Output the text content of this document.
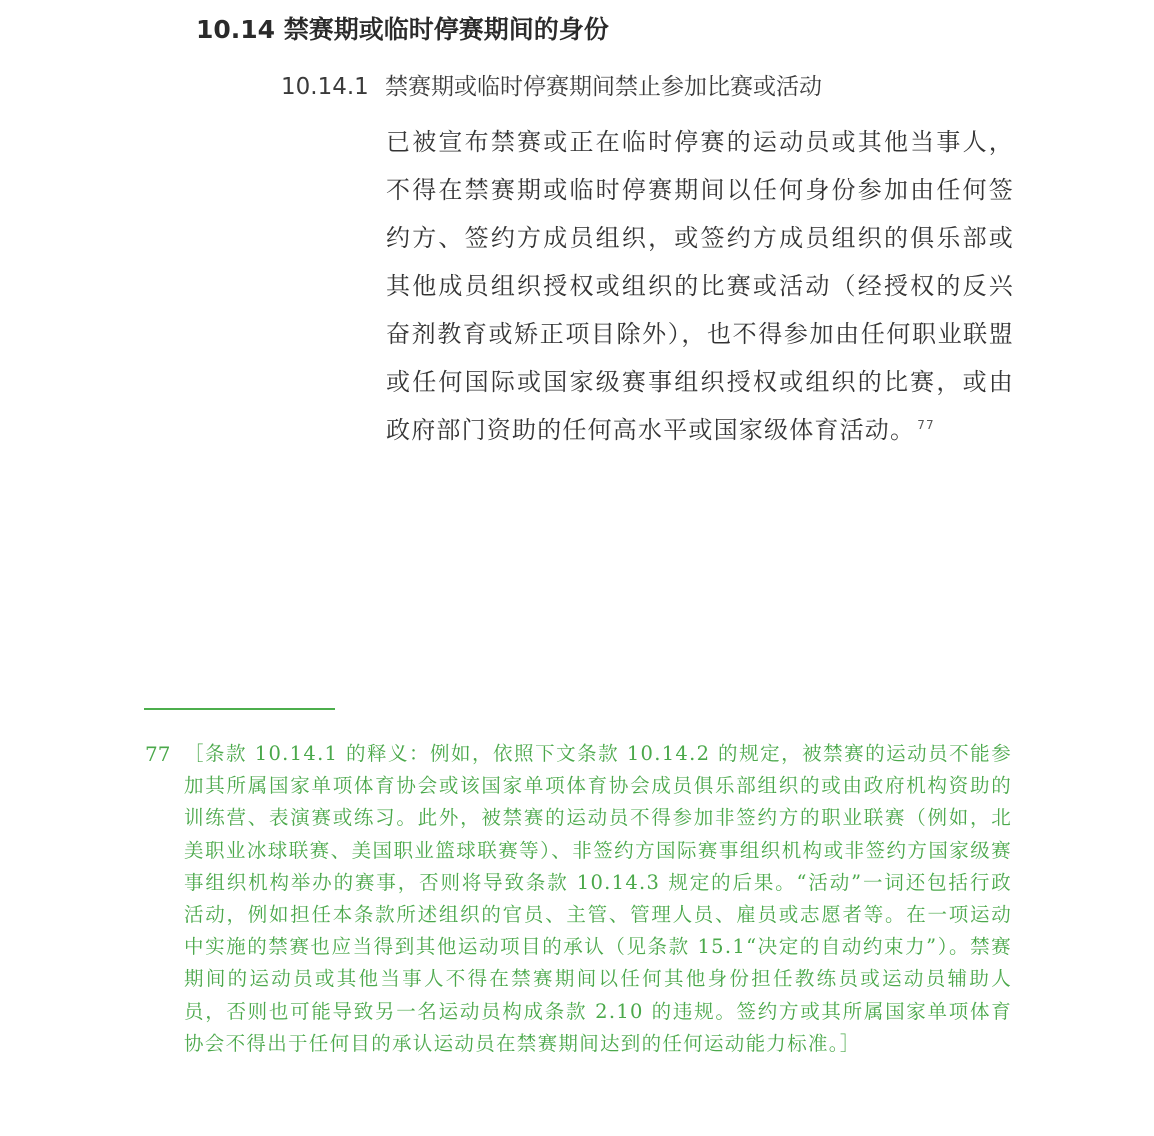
10.14 禁赛期或临时停赛期间的身份
10.14.1 禁赛期或临时停赛期间禁止参加比赛或活动

已被宣布禁赛或正在临时停赛的运动员或其他当事人，不得在禁赛期或临时停赛期间以任何身份参加由任何签约方、签约方成员组织，或签约方成员组织的俱乐部或其他成员组织授权或组织的比赛或活动（经授权的反兴奋剂教育或矫正项目除外），也不得参加由任何职业联盟或任何国际或国家级赛事组织授权或组织的比赛，或由政府部门资助的任何高水平或国家级体育活动。 $^{77}$

77 ［条款 10.14.1 的释义：例如，依照下文条款 10.14.2 的规定，被禁赛的运动员不能参加其所属国家单项体育协会或该国家单项体育协会成员俱乐部组织的或由政府机构资助的训练营、表演赛或练习。此外，被禁赛的运动员不得参加非签约方的职业联赛（例如，北美职业冰球联赛、美国职业篮球联赛等）、非签约方国际赛事组织机构或非签约方国家级赛事组织机构举办的赛事，否则将导致条款 10.14.3 规定的后果。“活动”一词还包括行政活动，例如担任本条款所述组织的官员、主管、管理人员、雇员或志愿者等。在一项运动中实施的禁赛也应当得到其他运动项目的承认（见条款 15.1“决定的自动约束力”）。禁赛期间的运动员或其他当事人不得在禁赛期间以任何其他身份担任教练员或运动员辅助人员，否则也可能导致另一名运动员构成条款 2.10 的违规。签约方或其所属国家单项体育协会不得出于任何目的承认运动员在禁赛期间达到的任何运动能力标准。］
